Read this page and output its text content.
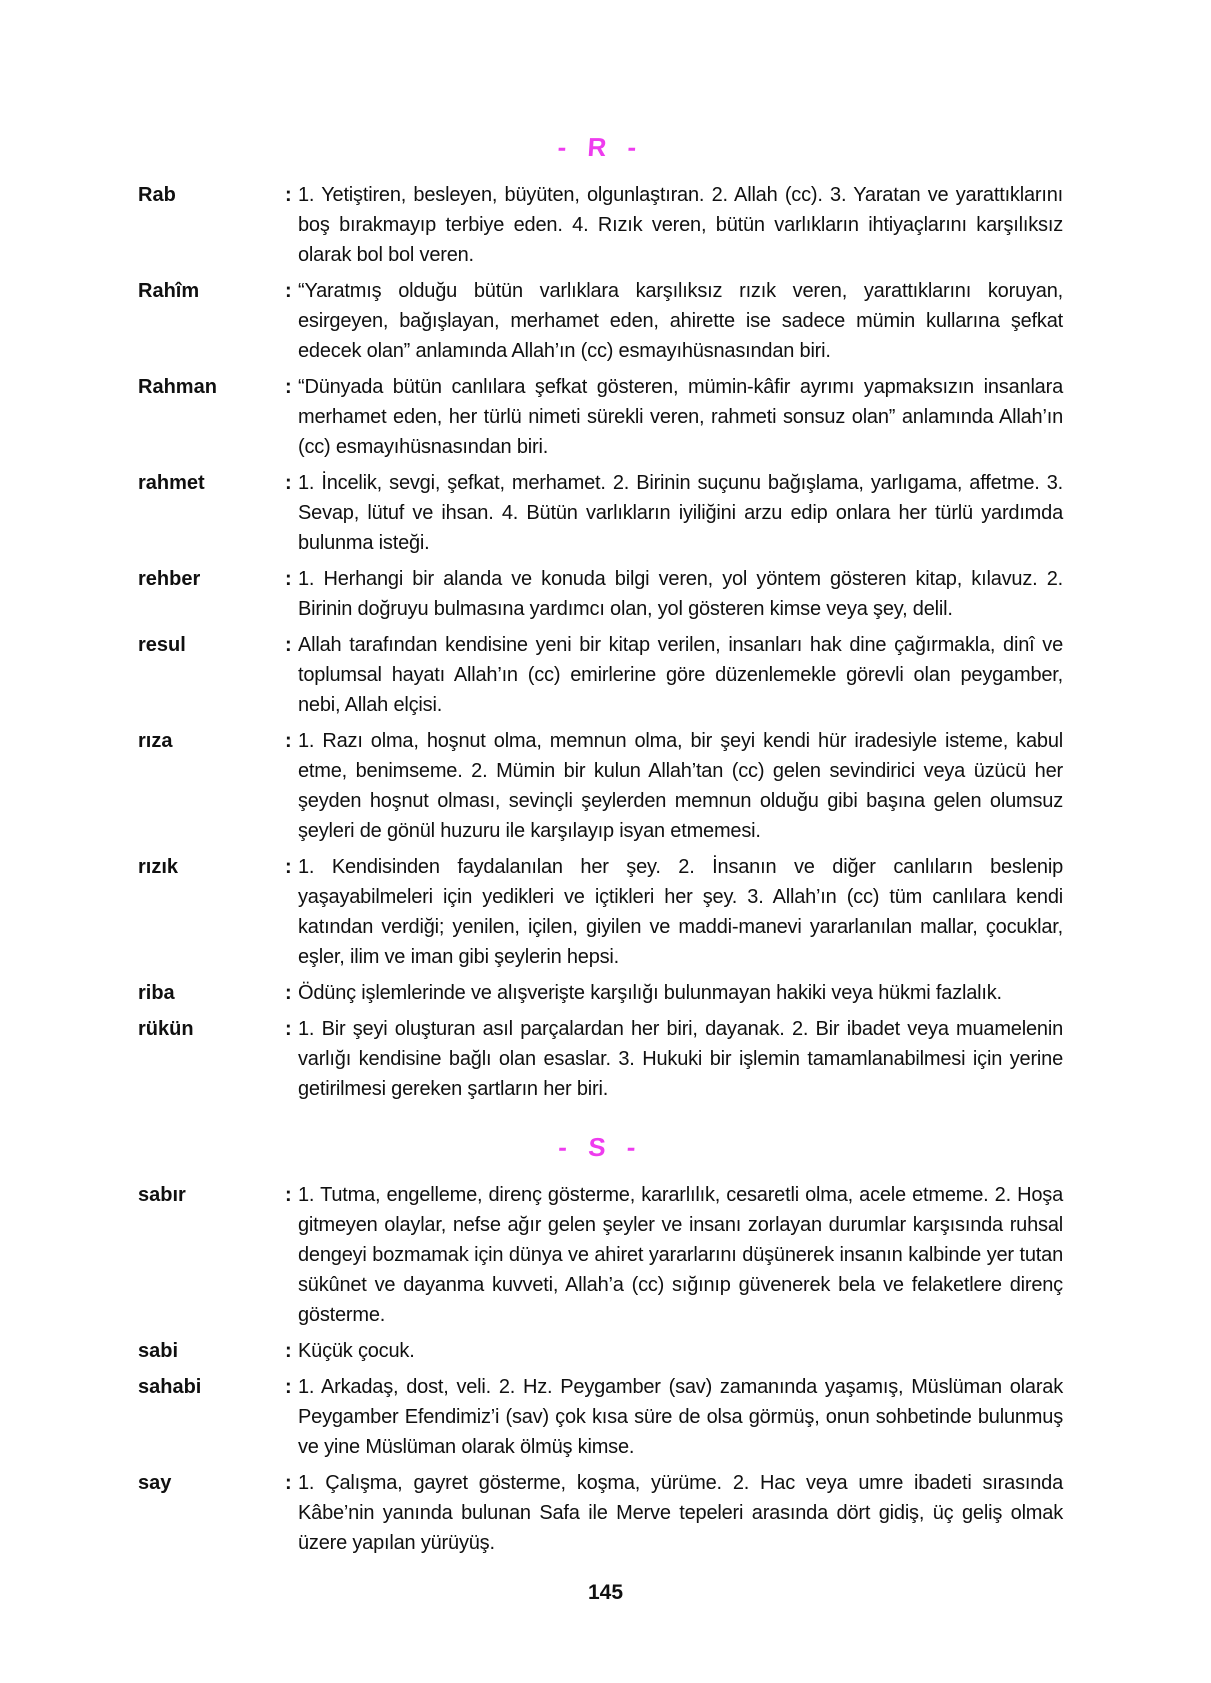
- R -
Rab	: 1. Yetiştiren, besleyen, büyüten, olgunlaştıran. 2. Allah (cc). 3. Yaratan ve yarattıklarını boş bırakmayıp terbiye eden. 4. Rızık veren, bütün varlıkların ihtiyaçlarını karşılıksız olarak bol bol veren.
Rahîm	: “Yaratmış olduğu bütün varlıklara karşılıksız rızık veren, yarattıklarını koruyan, esirgeyen, bağışlayan, merhamet eden, ahirette ise sadece mümin kullarına şefkat edecek olan” anlamında Allah’ın (cc) esmayıhüsnasından biri.
Rahman	: “Dünyada bütün canlılara şefkat gösteren, mümin-kâfir ayrımı yapmaksızın insanlara merhamet eden, her türlü nimeti sürekli veren, rahmeti sonsuz olan” anlamında Allah’ın (cc) esmayıhüsnasından biri.
rahmet	: 1. İncelik, sevgi, şefkat, merhamet. 2. Birinin suçunu bağışlama, yarlıgama, affetme. 3. Sevap, lütuf ve ihsan. 4. Bütün varlıkların iyiliğini arzu edip onlara her türlü yardımda bulunma isteği.
rehber	: 1. Herhangi bir alanda ve konuda bilgi veren, yol yöntem gösteren kitap, kılavuz. 2. Birinin doğruyu bulmasına yardımcı olan, yol gösteren kimse veya şey, delil.
resul	: Allah tarafından kendisine yeni bir kitap verilen, insanları hak dine çağırmakla, dinî ve toplumsal hayatı Allah’ın (cc) emirlerine göre düzenlemekle görevli olan peygamber, nebi, Allah elçisi.
rıza	: 1. Razı olma, hoşnut olma, memnun olma, bir şeyi kendi hür iradesiyle isteme, kabul etme, benimseme. 2. Mümin bir kulun Allah’tan (cc) gelen sevindirici veya üzücü her şeyden hoşnut olması, sevinçli şeylerden memnun olduğu gibi başına gelen olumsuz şeyleri de gönül huzuru ile karşılayıp isyan etmemesi.
rızık	: 1. Kendisinden faydalanılan her şey. 2. İnsanın ve diğer canlıların beslenip yaşayabilmeleri için yedikleri ve içtikleri her şey. 3. Allah’ın (cc) tüm canlılara kendi katından verdiği; yenilen, içilen, giyilen ve maddi-manevi yararlanılan mallar, çocuklar, eşler, ilim ve iman gibi şeylerin hepsi.
riba	: Ödünç işlemlerinde ve alışverişte karşılığı bulunmayan hakiki veya hükmi fazlalık.
rükün	: 1. Bir şeyi oluşturan asıl parçalardan her biri, dayanak. 2. Bir ibadet veya muamelenin varlığı kendisine bağlı olan esaslar. 3. Hukuki bir işlemin tamamlanabilmesi için yerine getirilmesi gereken şartların her biri.
- S -
sabır	: 1. Tutma, engelleme, direnç gösterme, kararlılık, cesaretli olma, acele etmeme. 2. Hoşa gitmeyen olaylar, nefse ağır gelen şeyler ve insanı zorlayan durumlar karşısında ruhsal dengeyi bozmamak için dünya ve ahiret yararlarını düşünerek insanın kalbinde yer tutan sükûnet ve dayanma kuvveti, Allah’a (cc) sığınıp güvenerek bela ve felaketlere direnç gösterme.
sabi	: Küçük çocuk.
sahabi	: 1. Arkadaş, dost, veli. 2. Hz. Peygamber (sav) zamanında yaşamış, Müslüman olarak Peygamber Efendimiz’i (sav) çok kısa süre de olsa görmüş, onun sohbetinde bulunmuş ve yine Müslüman olarak ölmüş kimse.
say	: 1. Çalışma, gayret gösterme, koşma, yürüme. 2. Hac veya umre ibadeti sırasında Kâbe’nin yanında bulunan Safa ile Merve tepeleri arasında dört gidiş, üç geliş olmak üzere yapılan yürüyüş.
145
